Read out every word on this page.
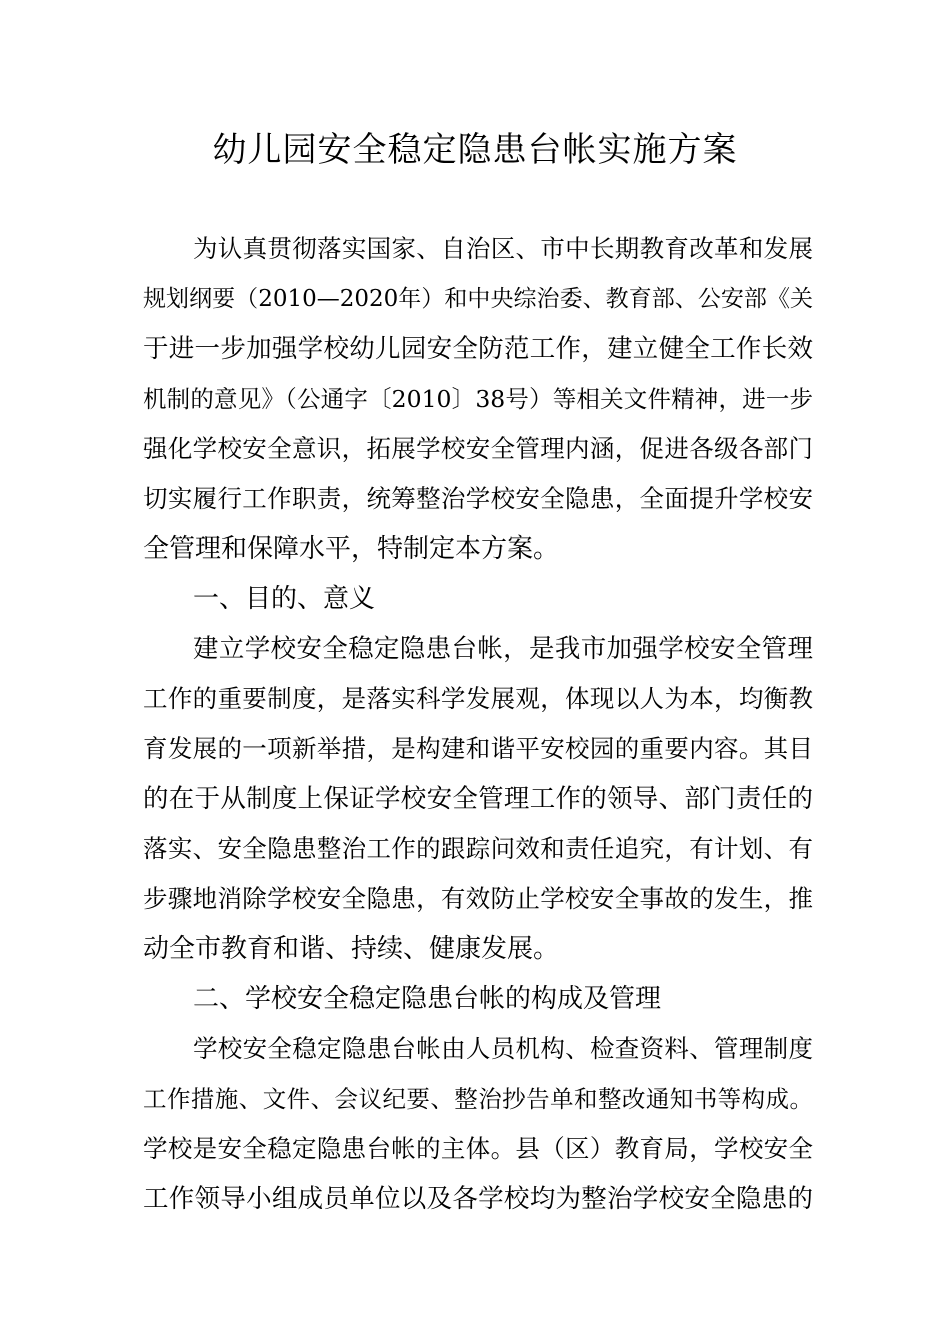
幼儿园安全稳定隐患台帐实施方案
为认真贯彻落实国家、自治区、市中长期教育改革和发展
规划纲要（2010—2020年）和中央综治委、教育部、公安部《关
于进一步加强学校幼儿园安全防范工作，建立健全工作长效
机制的意见》（公通字〔2010〕38号）等相关文件精神，进一步
强化学校安全意识，拓展学校安全管理内涵，促进各级各部门
切实履行工作职责，统筹整治学校安全隐患，全面提升学校安
全管理和保障水平，特制定本方案。
一、目的、意义
建立学校安全稳定隐患台帐，是我市加强学校安全管理
工作的重要制度，是落实科学发展观，体现以人为本，均衡教
育发展的一项新举措，是构建和谐平安校园的重要内容。其目
的在于从制度上保证学校安全管理工作的领导、部门责任的
落实、安全隐患整治工作的跟踪问效和责任追究，有计划、有
步骤地消除学校安全隐患，有效防止学校安全事故的发生，推
动全市教育和谐、持续、健康发展。
二、学校安全稳定隐患台帐的构成及管理
学校安全稳定隐患台帐由人员机构、检查资料、管理制度
工作措施、文件、会议纪要、整治抄告单和整改通知书等构成。
学校是安全稳定隐患台帐的主体。县（区）教育局，学校安全
工作领导小组成员单位以及各学校均为整治学校安全隐患的
